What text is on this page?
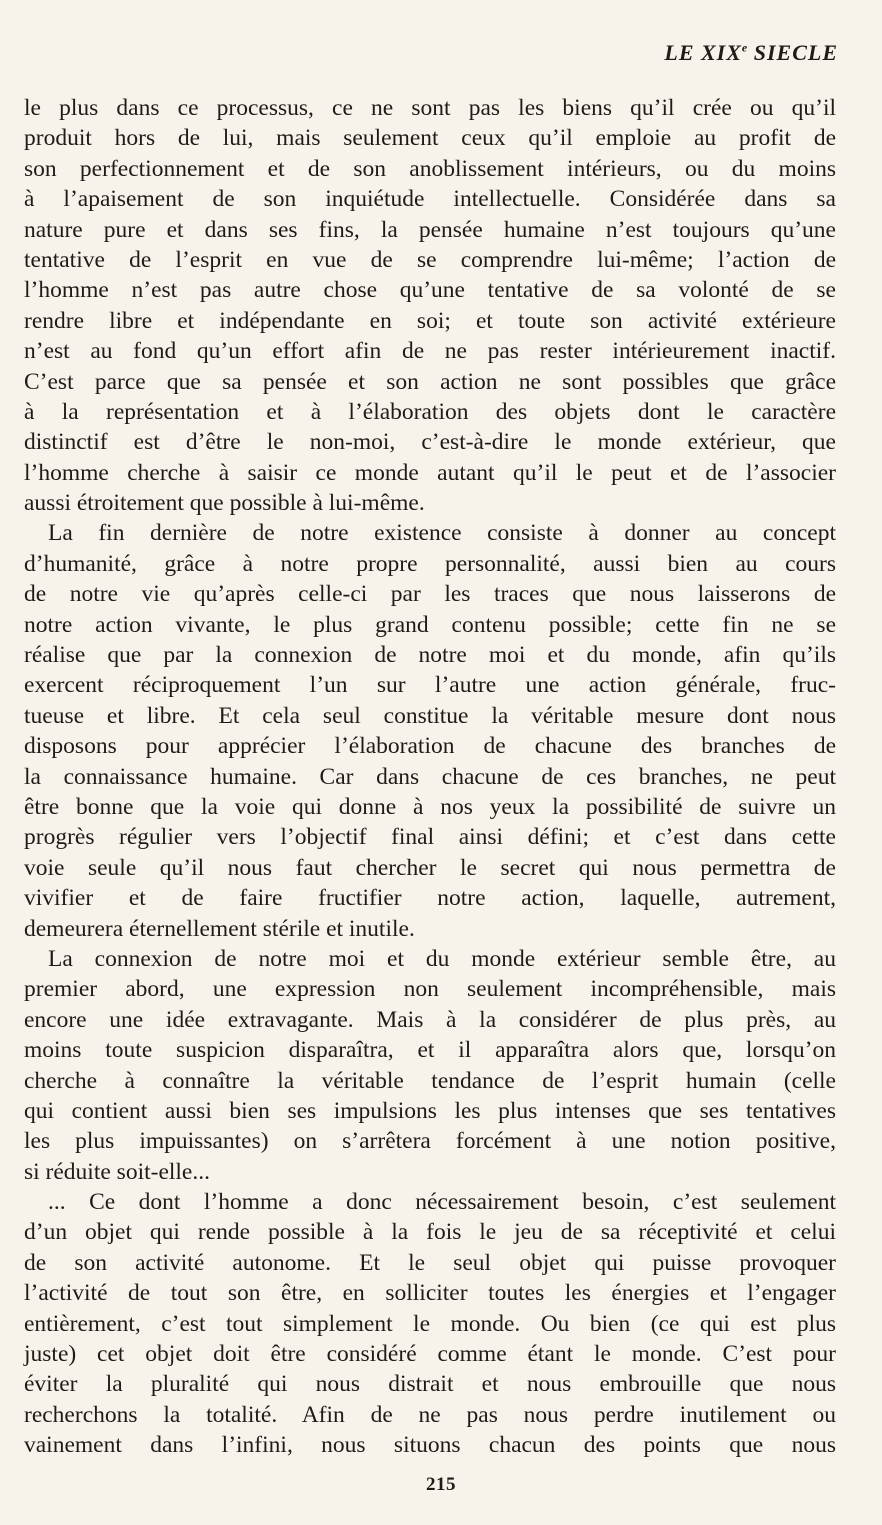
LE XIXe SIECLE
le plus dans ce processus, ce ne sont pas les biens qu’il crée ou qu’il
produit hors de lui, mais seulement ceux qu’il emploie au profit de
son perfectionnement et de son anoblissement intérieurs, ou du moins
à l’apaisement de son inquiétude intellectuelle. Considérée dans sa
nature pure et dans ses fins, la pensée humaine n’est toujours qu’une
tentative de l’esprit en vue de se comprendre lui-même; l’action de
l’homme n’est pas autre chose qu’une tentative de sa volonté de se
rendre libre et indépendante en soi; et toute son activité extérieure
n’est au fond qu’un effort afin de ne pas rester intérieurement inactif.
C’est parce que sa pensée et son action ne sont possibles que grâce
à la représentation et à l’élaboration des objets dont le caractère
distinctif est d’être le non-moi, c’est-à-dire le monde extérieur, que
l’homme cherche à saisir ce monde autant qu’il le peut et de l’associer
aussi étroitement que possible à lui-même.
La fin dernière de notre existence consiste à donner au concept
d’humanité, grâce à notre propre personnalité, aussi bien au cours
de notre vie qu’après celle-ci par les traces que nous laisserons de
notre action vivante, le plus grand contenu possible; cette fin ne se
réalise que par la connexion de notre moi et du monde, afin qu’ils
exercent réciproquement l’un sur l’autre une action générale, fruc-
tueuse et libre. Et cela seul constitue la véritable mesure dont nous
disposons pour apprécier l’élaboration de chacune des branches de
la connaissance humaine. Car dans chacune de ces branches, ne peut
être bonne que la voie qui donne à nos yeux la possibilité de suivre un
progrès régulier vers l’objectif final ainsi défini; et c’est dans cette
voie seule qu’il nous faut chercher le secret qui nous permettra de
vivifier et de faire fructifier notre action, laquelle, autrement,
demeurera éternellement stérile et inutile.
La connexion de notre moi et du monde extérieur semble être, au
premier abord, une expression non seulement incompréhensible, mais
encore une idée extravagante. Mais à la considérer de plus près, au
moins toute suspicion disparaîtra, et il apparaîtra alors que, lorsqu’on
cherche à connaître la véritable tendance de l’esprit humain (celle
qui contient aussi bien ses impulsions les plus intenses que ses tentatives
les plus impuissantes) on s’arrêtera forcément à une notion positive,
si réduite soit-elle...
... Ce dont l’homme a donc nécessairement besoin, c’est seulement
d’un objet qui rende possible à la fois le jeu de sa réceptivité et celui
de son activité autonome. Et le seul objet qui puisse provoquer
l’activité de tout son être, en solliciter toutes les énergies et l’engager
entièrement, c’est tout simplement le monde. Ou bien (ce qui est plus
juste) cet objet doit être considéré comme étant le monde. C’est pour
éviter la pluralité qui nous distrait et nous embrouille que nous
recherchons la totalité. Afin de ne pas nous perdre inutilement ou
vainement dans l’infini, nous situons chacun des points que nous
215
